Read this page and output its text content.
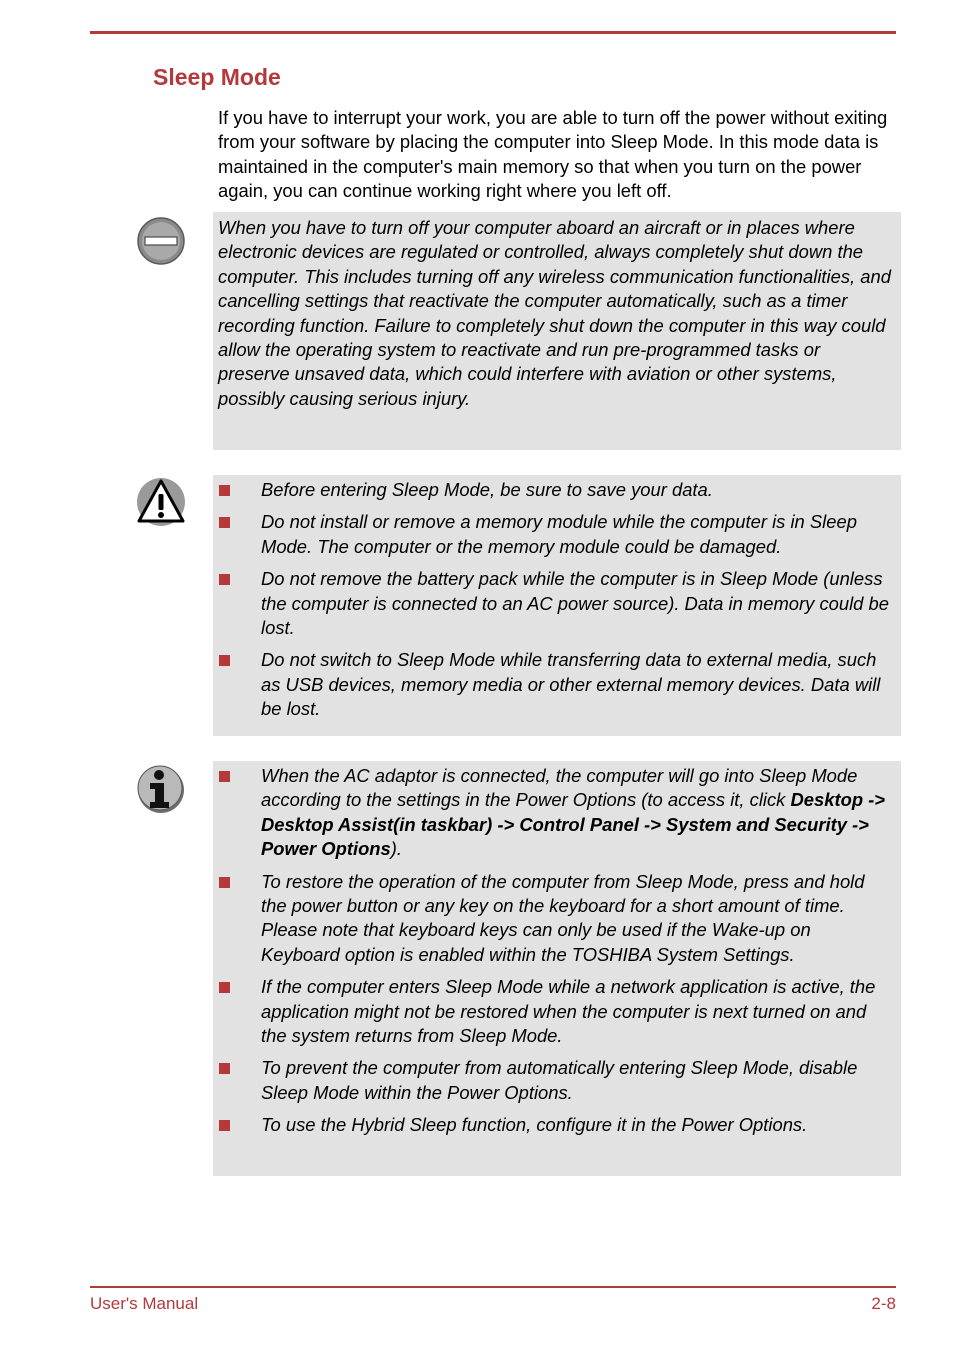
Sleep Mode

If you have to interrupt your work, you are able to turn off the power without exiting from your software by placing the computer into Sleep Mode. In this mode data is maintained in the computer's main memory so that when you turn on the power again, you can continue working right where you left off.

When you have to turn off your computer aboard an aircraft or in places where electronic devices are regulated or controlled, always completely shut down the computer. This includes turning off any wireless communication functionalities, and cancelling settings that reactivate the computer automatically, such as a timer recording function. Failure to completely shut down the computer in this way could allow the operating system to reactivate and run pre-programmed tasks or preserve unsaved data, which could interfere with aviation or other systems, possibly causing serious injury.

Before entering Sleep Mode, be sure to save your data.
Do not install or remove a memory module while the computer is in Sleep Mode. The computer or the memory module could be damaged.
Do not remove the battery pack while the computer is in Sleep Mode (unless the computer is connected to an AC power source). Data in memory could be lost.
Do not switch to Sleep Mode while transferring data to external media, such as USB devices, memory media or other external memory devices. Data will be lost.
When the AC adaptor is connected, the computer will go into Sleep Mode according to the settings in the Power Options (to access it, click Desktop -> Desktop Assist(in taskbar) -> Control Panel -> System and Security -> Power Options).
To restore the operation of the computer from Sleep Mode, press and hold the power button or any key on the keyboard for a short amount of time. Please note that keyboard keys can only be used if the Wake-up on Keyboard option is enabled within the TOSHIBA System Settings.
If the computer enters Sleep Mode while a network application is active, the application might not be restored when the computer is next turned on and the system returns from Sleep Mode.
To prevent the computer from automatically entering Sleep Mode, disable Sleep Mode within the Power Options.
To use the Hybrid Sleep function, configure it in the Power Options.
User's Manual	2-8
